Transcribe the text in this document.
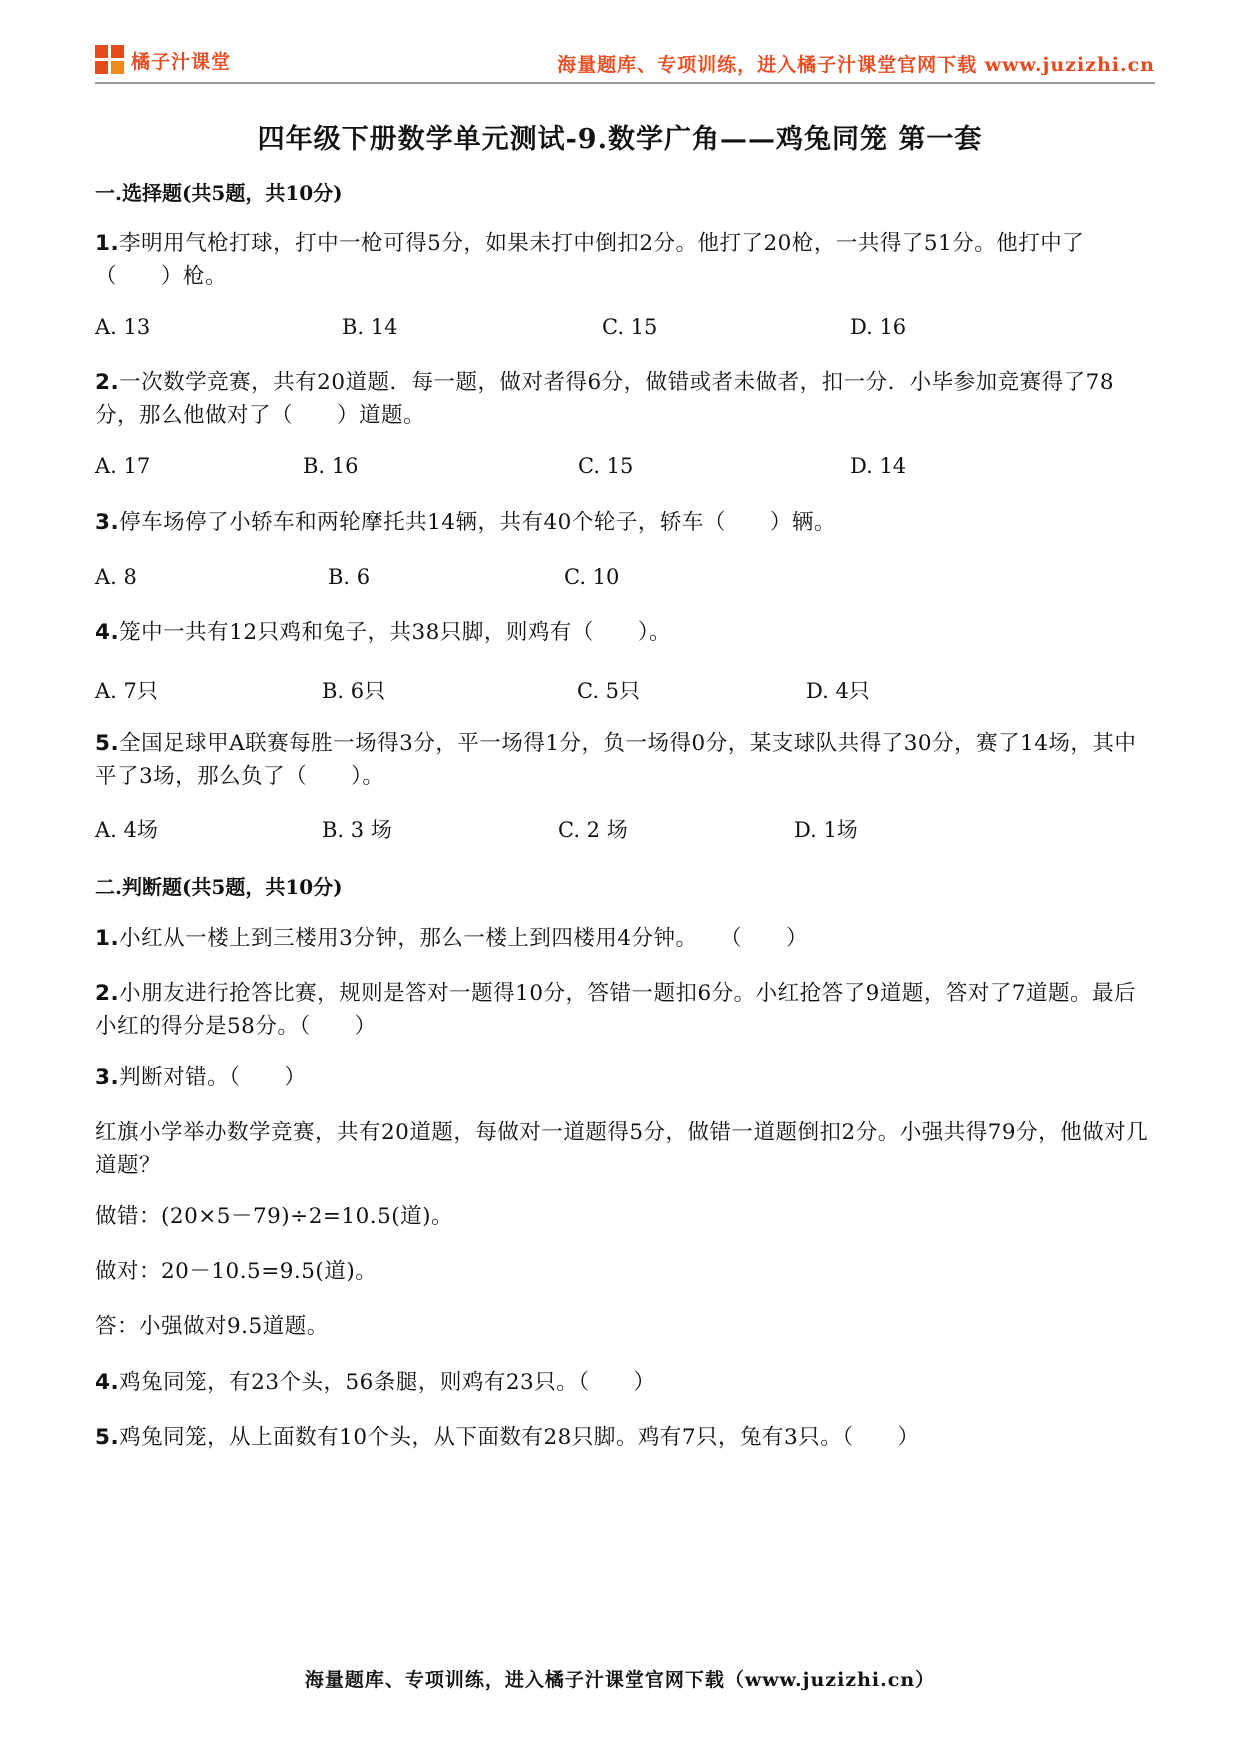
橘子汁课堂	海量题库、专项训练，进入橘子汁课堂官网下载 www.juzizhi.cn
四年级下册数学单元测试-9.数学广角——鸡兔同笼 第一套
一.选择题(共5题，共10分)
1.李明用气枪打球，打中一枪可得5分，如果未打中倒扣2分。他打了20枪，一共得了51分。他打中了（　　）枪。
A. 13	B. 14	C. 15	D. 16
2.一次数学竞赛，共有20道题．每一题，做对者得6分，做错或者未做者，扣一分．小毕参加竞赛得了78分，那么他做对了（　　）道题。
A. 17	B. 16	C. 15	D. 14
3.停车场停了小轿车和两轮摩托共14辆，共有40个轮子，轿车（　　）辆。
A. 8	B. 6	C. 10
4.笼中一共有12只鸡和兔子，共38只脚，则鸡有（　　）。
A. 7只	B. 6只	C. 5只	D. 4只
5.全国足球甲A联赛每胜一场得3分，平一场得1分，负一场得0分，某支球队共得了30分，赛了14场，其中平了3场，那么负了（　　）。
A. 4场	B. 3 场	C. 2 场	D. 1场
二.判断题(共5题，共10分)
1.小红从一楼上到三楼用3分钟，那么一楼上到四楼用4分钟。　　（　　）
2.小朋友进行抢答比赛，规则是答对一题得10分，答错一题扣6分。小红抢答了9道题，答对了7道题。最后小红的得分是58分。（　　）
3.判断对错。（　　）
红旗小学举办数学竞赛，共有20道题，每做对一道题得5分，做错一道题倒扣2分。小强共得79分，他做对几道题？
做错：(20×5－79)÷2=10.5(道)。
做对：20－10.5=9.5(道)。
答：小强做对9.5道题。
4.鸡兔同笼，有23个头，56条腿，则鸡有23只。（　　）
5.鸡兔同笼，从上面数有10个头，从下面数有28只脚。鸡有7只，兔有3只。（　　）
海量题库、专项训练，进入橘子汁课堂官网下载（www.juzizhi.cn）
